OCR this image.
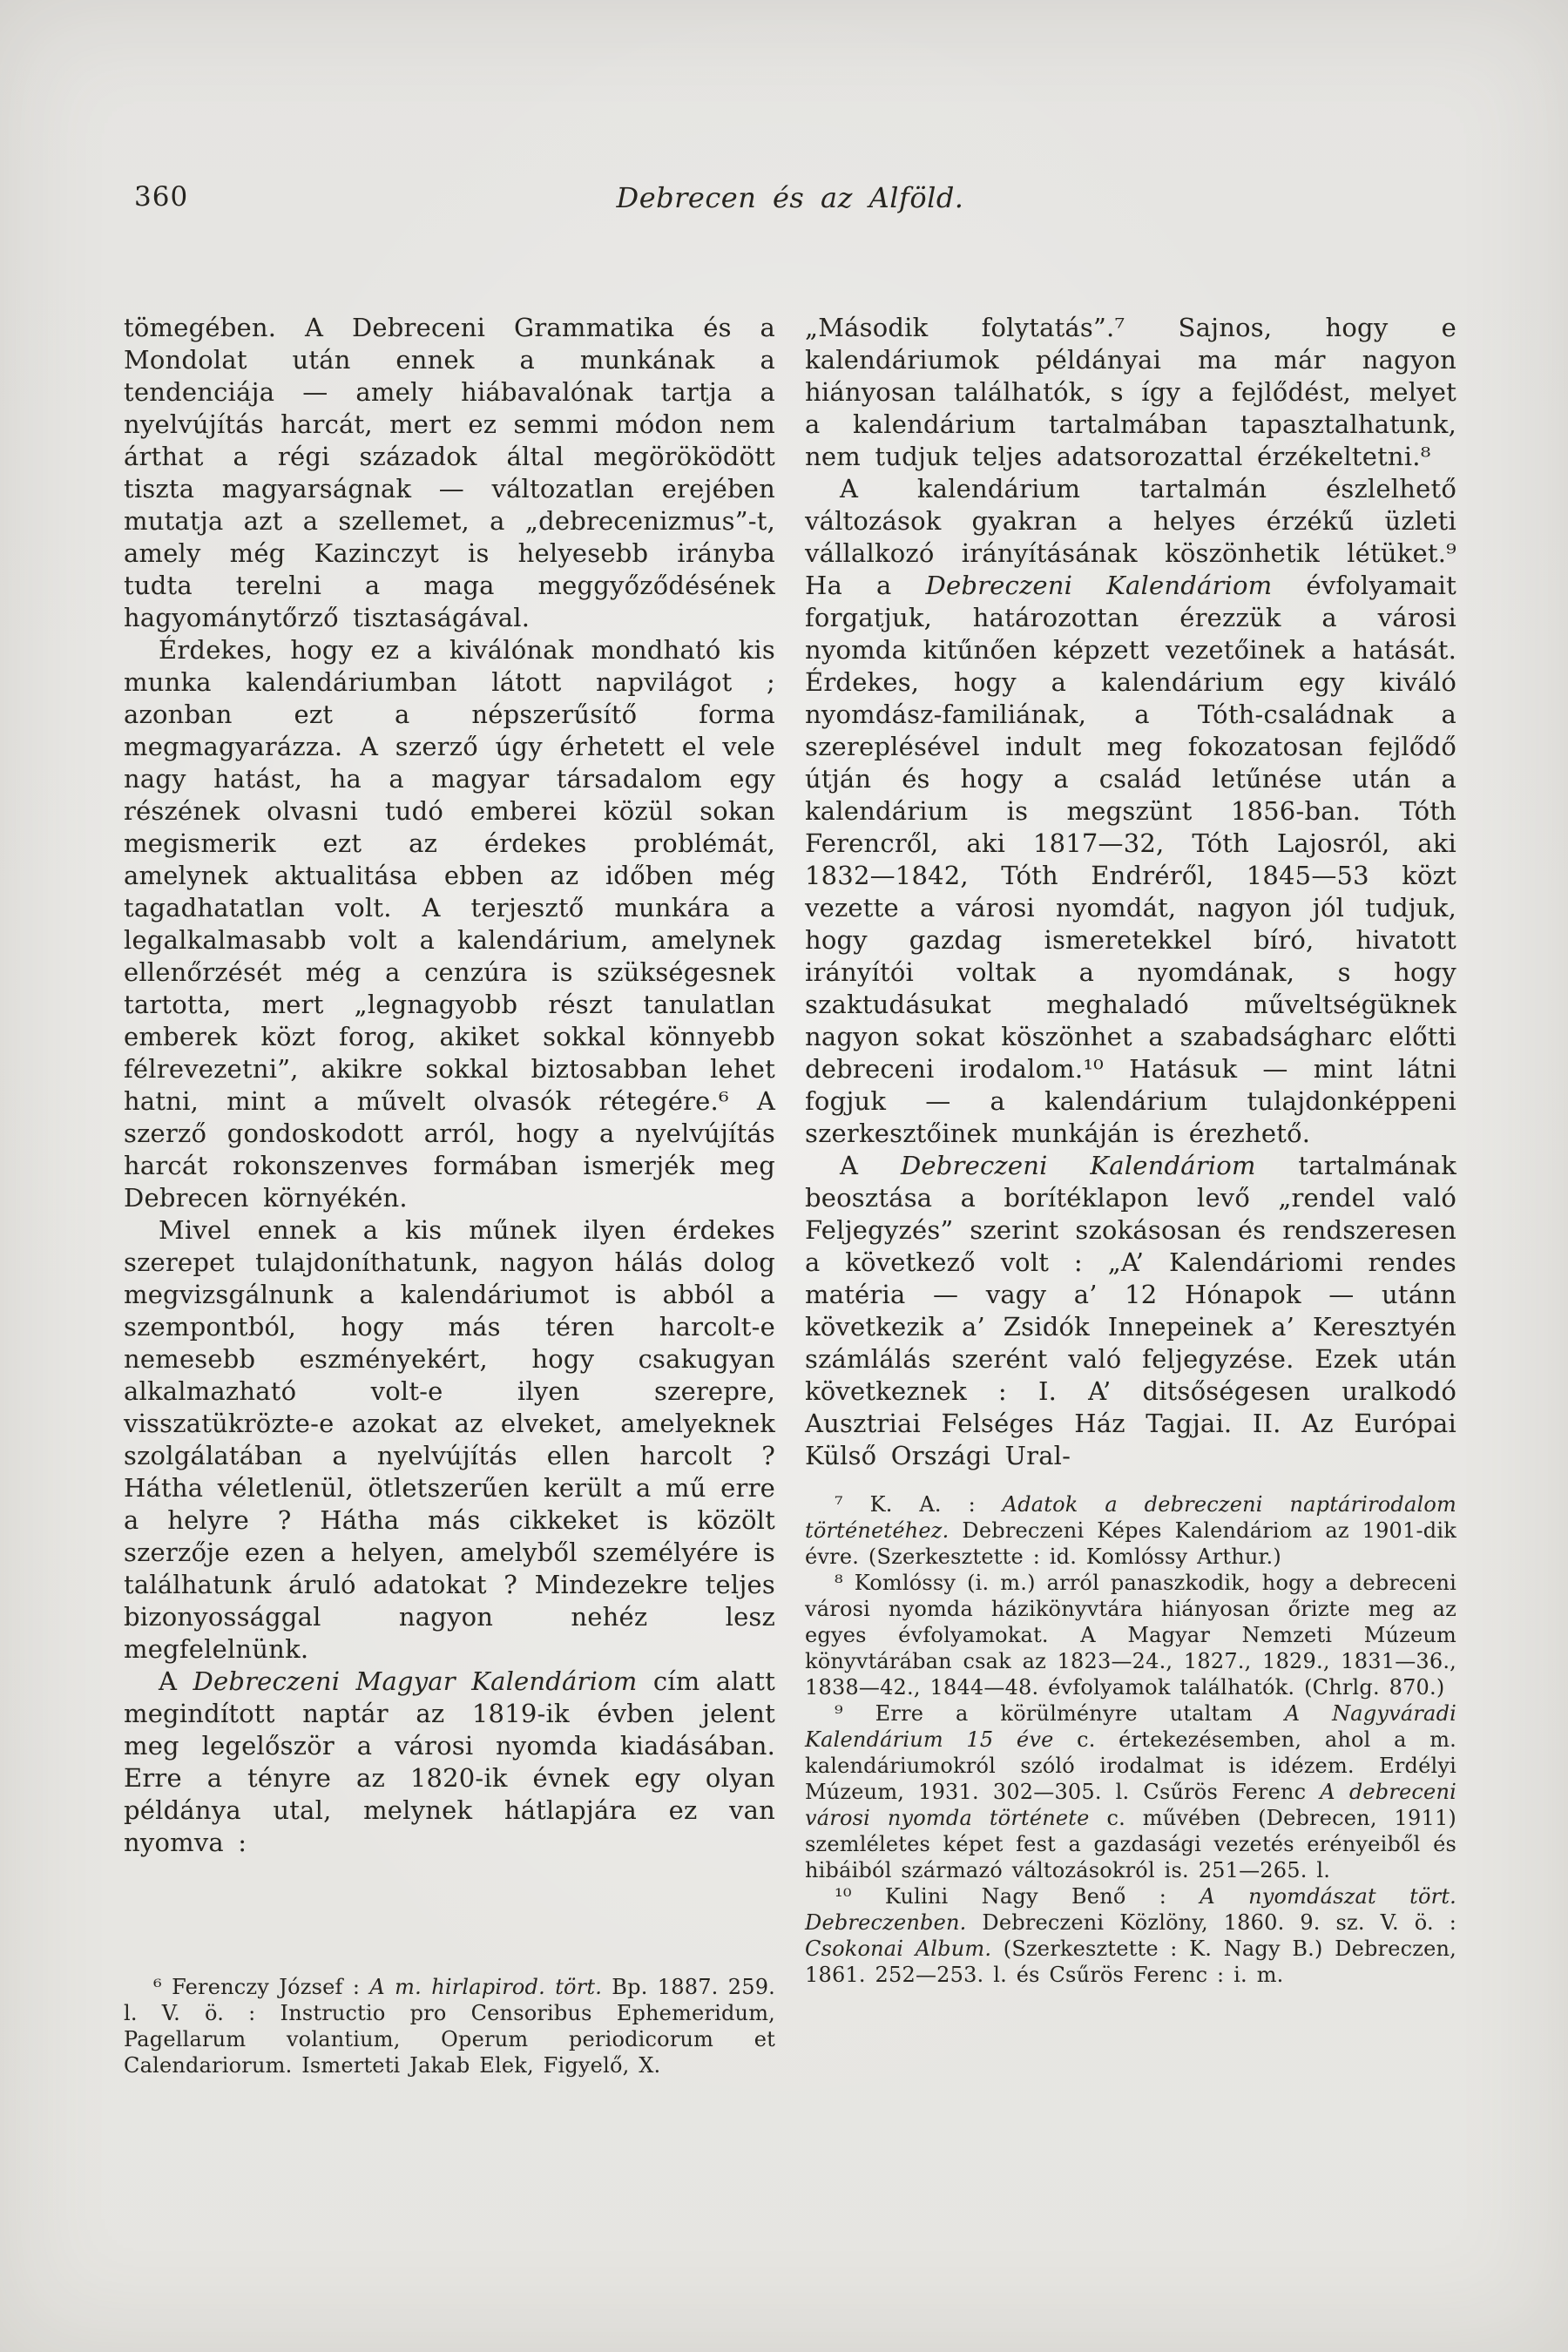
360	Debrecen és az Alföld.

tömegében. A Debreceni Grammatika és a Mondolat után ennek a munkának a tendenciája — amely hiábavalónak tartja a nyelvújítás harcát, mert ez semmi módon nem árthat a régi századok által megöröködött tiszta magyarságnak — változatlan erejében mutatja azt a szellemet, a „debrecenizmus”-t, amely még Kazinczyt is helyesebb irányba tudta terelni a maga meggyőződésének hagyománytőrző tisztaságával.

Érdekes, hogy ez a kiválónak mondható kis munka kalendáriumban látott napvilágot ; azonban ezt a népszerűsítő forma megmagyarázza. A szerző úgy érhetett el vele nagy hatást, ha a magyar társadalom egy részének olvasni tudó emberei közül sokan megismerik ezt az érdekes problémát, amelynek aktualitása ebben az időben még tagadhatatlan volt. A terjesztő munkára a legalkalmasabb volt a kalendárium, amelynek ellenőrzését még a cenzúra is szükségesnek tartotta, mert „legnagyobb részt tanulatlan emberek közt forog, akiket sokkal könnyebb félrevezetni”, akikre sokkal biztosabban lehet hatni, mint a művelt olvasók rétegére.⁶ A szerző gondoskodott arról, hogy a nyelvújítás harcát rokonszenves formában ismerjék meg Debrecen környékén.

Mivel ennek a kis műnek ilyen érdekes szerepet tulajdoníthatunk, nagyon hálás dolog megvizsgálnunk a kalendáriumot is abból a szempontból, hogy más téren harcolt-e nemesebb eszményekért, hogy csakugyan alkalmazható volt-e ilyen szerepre, visszatükrözte-e azokat az elveket, amelyeknek szolgálatában a nyelvújítás ellen harcolt ? Hátha véletlenül, ötletszerűen került a mű erre a helyre ? Hátha más cikkeket is közölt szerzője ezen a helyen, amelyből személyére is találhatunk áruló adatokat ? Mindezekre teljes bizonyossággal nagyon nehéz lesz megfelelnünk.

A Debreczeni Magyar Kalendáriom cím alatt megindított naptár az 1819-ik évben jelent meg legelőször a városi nyomda kiadásában. Erre a tényre az 1820-ik évnek egy olyan példánya utal, melynek hátlapjára ez van nyomva :

⁶ Ferenczy József : A m. hirlapirod. tört. Bp. 1887. 259. l. V. ö. : Instructio pro Censoribus Ephemeridum, Pagellarum volantium, Operum periodicorum et Calendariorum. Ismerteti Jakab Elek, Figyelő, X.

„Második folytatás”.⁷ Sajnos, hogy e kalendáriumok példányai ma már nagyon hiányosan találhatók, s így a fejlődést, melyet a kalendárium tartalmában tapasztalhatunk, nem tudjuk teljes adatsorozattal érzékeltetni.⁸

A kalendárium tartalmán észlelhető változások gyakran a helyes érzékű üzleti vállalkozó irányításának köszönhetik létüket.⁹ Ha a Debreczeni Kalendáriom évfolyamait forgatjuk, határozottan érezzük a városi nyomda kitűnően képzett vezetőinek a hatását. Érdekes, hogy a kalendárium egy kiváló nyomdász-familiának, a Tóth-családnak a szereplésével indult meg fokozatosan fejlődő útján és hogy a család letűnése után a kalendárium is megszünt 1856-ban. Tóth Ferencről, aki 1817—32, Tóth Lajosról, aki 1832—1842, Tóth Endréről, 1845—53 közt vezette a városi nyomdát, nagyon jól tudjuk, hogy gazdag ismeretekkel bíró, hivatott irányítói voltak a nyomdának, s hogy szaktudásukat meghaladó műveltségüknek nagyon sokat köszönhet a szabadságharc előtti debreceni irodalom.¹⁰ Hatásuk — mint látni fogjuk — a kalendárium tulajdonképpeni szerkesztőinek munkáján is érezhető.

A Debreczeni Kalendáriom tartalmának beosztása a borítéklapon levő „rendel való Feljegyzés” szerint szokásosan és rendszeresen a következő volt : „A’ Kalendáriomi rendes matéria — vagy a’ 12 Hónapok — utánn következik a’ Zsidók Innepeinek a’ Keresztyén számlálás szerént való feljegyzése. Ezek után következnek : I. A’ ditsőségesen uralkodó Ausztriai Felséges Ház Tagjai. II. Az Európai Külső Országi Ural-

⁷ K. A. : Adatok a debreczeni naptárirodalom történetéhez. Debreczeni Képes Kalendáriom az 1901-dik évre. (Szerkesztette : id. Komlóssy Arthur.)

⁸ Komlóssy (i. m.) arról panaszkodik, hogy a debreceni városi nyomda házikönyvtára hiányosan őrizte meg az egyes évfolyamokat. A Magyar Nemzeti Múzeum könyvtárában csak az 1823—24., 1827., 1829., 1831—36., 1838—42., 1844—48. évfolyamok találhatók. (Chrlg. 870.)

⁹ Erre a körülményre utaltam A Nagyváradi Kalendárium 15 éve c. értekezésemben, ahol a m. kalendáriumokról szóló irodalmat is idézem. Erdélyi Múzeum, 1931. 302—305. l. Csűrös Ferenc A debreceni városi nyomda története c. művében (Debrecen, 1911) szemléletes képet fest a gazdasági vezetés erényeiből és hibáiból származó változásokról is. 251—265. l.

¹⁰ Kulini Nagy Benő : A nyomdászat tört. Debreczenben. Debreczeni Közlöny, 1860. 9. sz. V. ö. : Csokonai Album. (Szerkesztette : K. Nagy B.) Debreczen, 1861. 252—253. l. és Csűrös Ferenc : i. m.
